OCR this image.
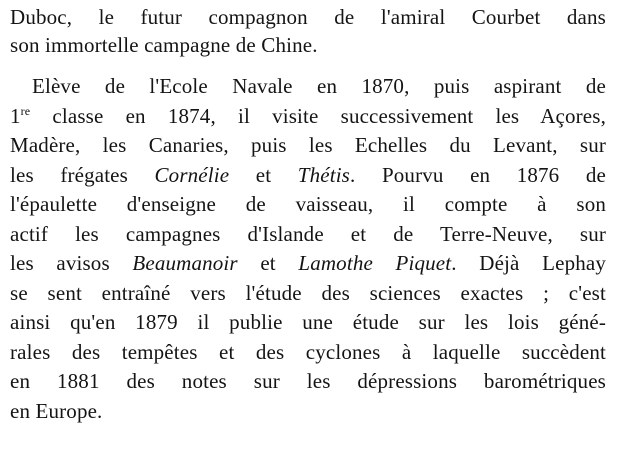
Duboc, le futur compagnon de l'amiral Courbet dans
son immortelle campagne de Chine.
Elève de l'Ecole Navale en 1870, puis aspirant de
1re classe en 1874, il visite successivement les Açores,
Madère, les Canaries, puis les Echelles du Levant, sur
les frégates Cornélie et Thétis. Pourvu en 1876 de
l'épaulette d'enseigne de vaisseau, il compte à son
actif les campagnes d'Islande et de Terre-Neuve, sur
les avisos Beaumanoir et Lamothe Piquet. Déjà Lephay
se sent entraîné vers l'étude des sciences exactes ; c'est
ainsi qu'en 1879 il publie une étude sur les lois géné-
rales des tempêtes et des cyclones à laquelle succèdent
en 1881 des notes sur les dépressions barométriques
en Europe.
